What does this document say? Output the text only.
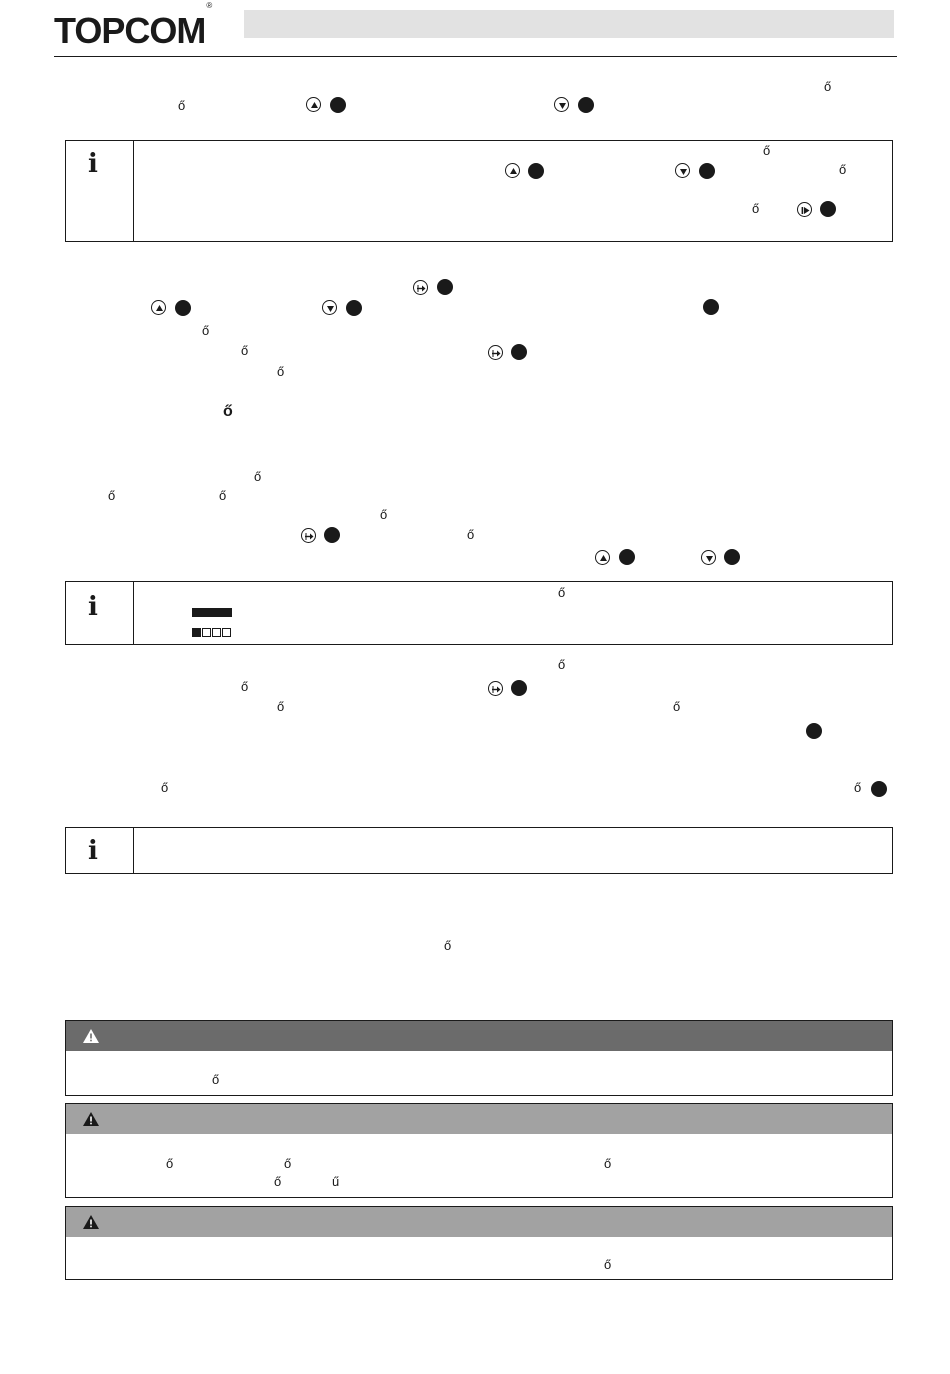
TOPCOM®
ő
ő
i	ő
ő
ő
ő
ő
ő
ő
ő
ő	ő
ő
ő
i	ő
ő
ő
ő	ő
ő	ő
i
ő
ő
ő	ő	ő
ő	ű
ő
